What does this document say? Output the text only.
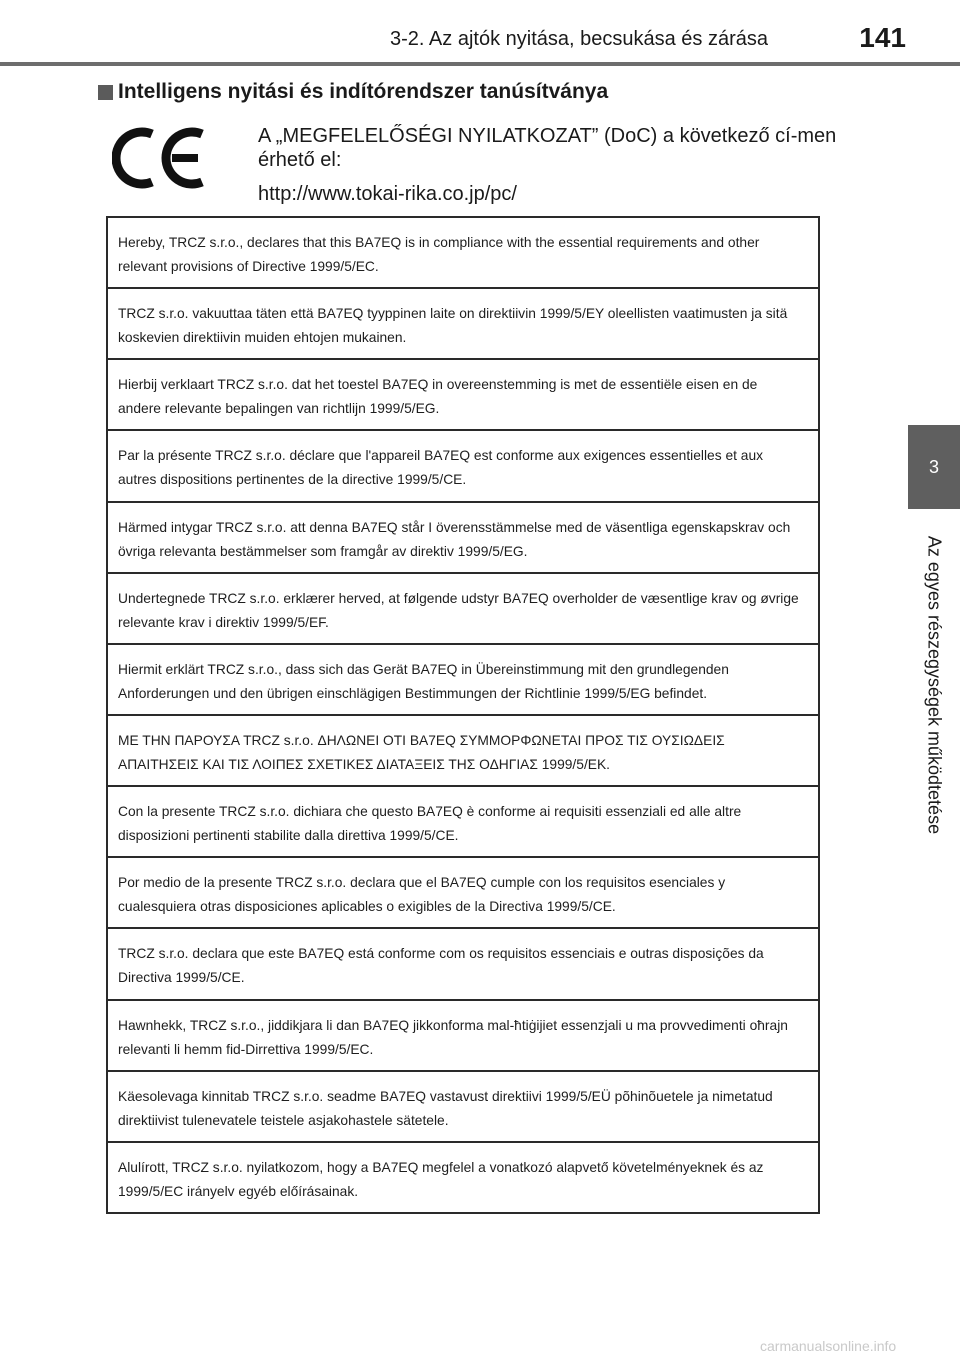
3-2. Az ajtók nyitása, becsukása és zárása	141
Intelligens nyitási és indítórendszer tanúsítványa

A „MEGFELELŐSÉGI NYILATKOZAT” (DoC) a következő cí-men érhető el:

http://www.tokai-rika.co.jp/pc/

3
Az egyes részegységek működtetése
Hereby, TRCZ s.r.o., declares that this BA7EQ is in compliance with the essential requirements and other relevant provisions of Directive 1999/5/EC.
TRCZ s.r.o. vakuuttaa täten että BA7EQ tyyppinen laite on direktiivin 1999/5/EY oleellisten vaatimusten ja sitä koskevien direktiivin muiden ehtojen mukainen.
Hierbij verklaart TRCZ s.r.o. dat het toestel BA7EQ in overeenstemming is met de essentiële eisen en de andere relevante bepalingen van richtlijn 1999/5/EG.
Par la présente TRCZ s.r.o. déclare que l'appareil BA7EQ est conforme aux exigences essentielles et aux autres dispositions pertinentes de la directive 1999/5/CE.
Härmed intygar TRCZ s.r.o. att denna BA7EQ står I överensstämmelse med de väsentliga egenskapskrav och övriga relevanta bestämmelser som framgår av direktiv 1999/5/EG.
Undertegnede TRCZ s.r.o. erklærer herved, at følgende udstyr BA7EQ overholder de væsentlige krav og øvrige relevante krav i direktiv 1999/5/EF.
Hiermit erklärt TRCZ s.r.o., dass sich das Gerät BA7EQ in Übereinstimmung mit den grundlegenden Anforderungen und den übrigen einschlägigen Bestimmungen der Richtlinie 1999/5/EG befindet.
ΜΕ ΤΗΝ ΠΑΡΟΥΣΑ TRCZ s.r.o. ΔΗΛΩΝΕΙ ΟΤΙ BA7EQ ΣΥΜΜΟΡΦΩΝΕΤΑΙ ΠΡΟΣ ΤΙΣ ΟΥΣΙΩΔΕΙΣ ΑΠΑΙΤΗΣΕΙΣ ΚΑΙ ΤΙΣ ΛΟΙΠΕΣ ΣΧΕΤΙΚΕΣ ΔΙΑΤΑΞΕΙΣ ΤΗΣ ΟΔΗΓΙΑΣ 1999/5/ΕΚ.
Con la presente TRCZ s.r.o. dichiara che questo BA7EQ è conforme ai requisiti essenziali ed alle altre disposizioni pertinenti stabilite dalla direttiva 1999/5/CE.
Por medio de la presente TRCZ s.r.o. declara que el BA7EQ cumple con los requisitos esenciales y cualesquiera otras disposiciones aplicables o exigibles de la Directiva 1999/5/CE.
TRCZ s.r.o. declara que este BA7EQ está conforme com os requisitos essenciais e outras disposições da Directiva 1999/5/CE.
Hawnhekk, TRCZ s.r.o., jiddikjara li dan BA7EQ jikkonforma mal-ħtiġijiet essenzjali u ma provvedimenti oħrajn relevanti li hemm fid-Dirrettiva 1999/5/EC.
Käesolevaga kinnitab TRCZ s.r.o. seadme BA7EQ vastavust direktiivi 1999/5/EÜ põhinõuetele ja nimetatud direktiivist tulenevatele teistele asjakohastele sätetele.
Alulírott, TRCZ s.r.o. nyilatkozom, hogy a BA7EQ megfelel a vonatkozó alapvető követelményeknek és az 1999/5/EC irányelv egyéb előírásainak.
carmanualsonline.info
